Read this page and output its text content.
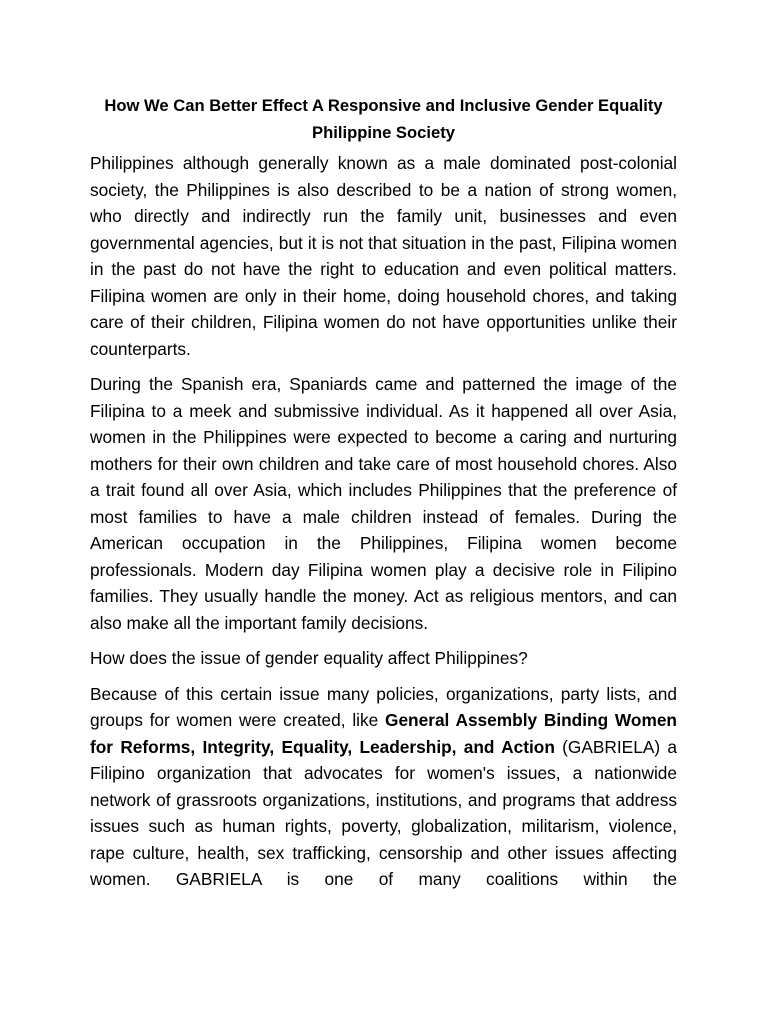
How We Can Better Effect A Responsive and Inclusive Gender Equality Philippine Society

Philippines although generally known as a male dominated post-colonial society, the Philippines is also described to be a nation of strong women, who directly and indirectly run the family unit, businesses and even governmental agencies, but it is not that situation in the past, Filipina women in the past do not have the right to education and even political matters. Filipina women are only in their home, doing household chores, and taking care of their children, Filipina women do not have opportunities unlike their counterparts.

During the Spanish era, Spaniards came and patterned the image of the Filipina to a meek and submissive individual. As it happened all over Asia, women in the Philippines were expected to become a caring and nurturing mothers for their own children and take care of most household chores. Also a trait found all over Asia, which includes Philippines that the preference of most families to have a male children instead of females. During the American occupation in the Philippines, Filipina women become professionals. Modern day Filipina women play a decisive role in Filipino families. They usually handle the money. Act as religious mentors, and can also make all the important family decisions.

How does the issue of gender equality affect Philippines?

Because of this certain issue many policies, organizations, party lists, and groups for women were created, like General Assembly Binding Women for Reforms, Integrity, Equality, Leadership, and Action (GABRIELA) a Filipino organization that advocates for women's issues, a nationwide network of grassroots organizations, institutions, and programs that address issues such as human rights, poverty, globalization, militarism, violence, rape culture, health, sex trafficking, censorship and other issues affecting women. GABRIELA is one of many coalitions within the
